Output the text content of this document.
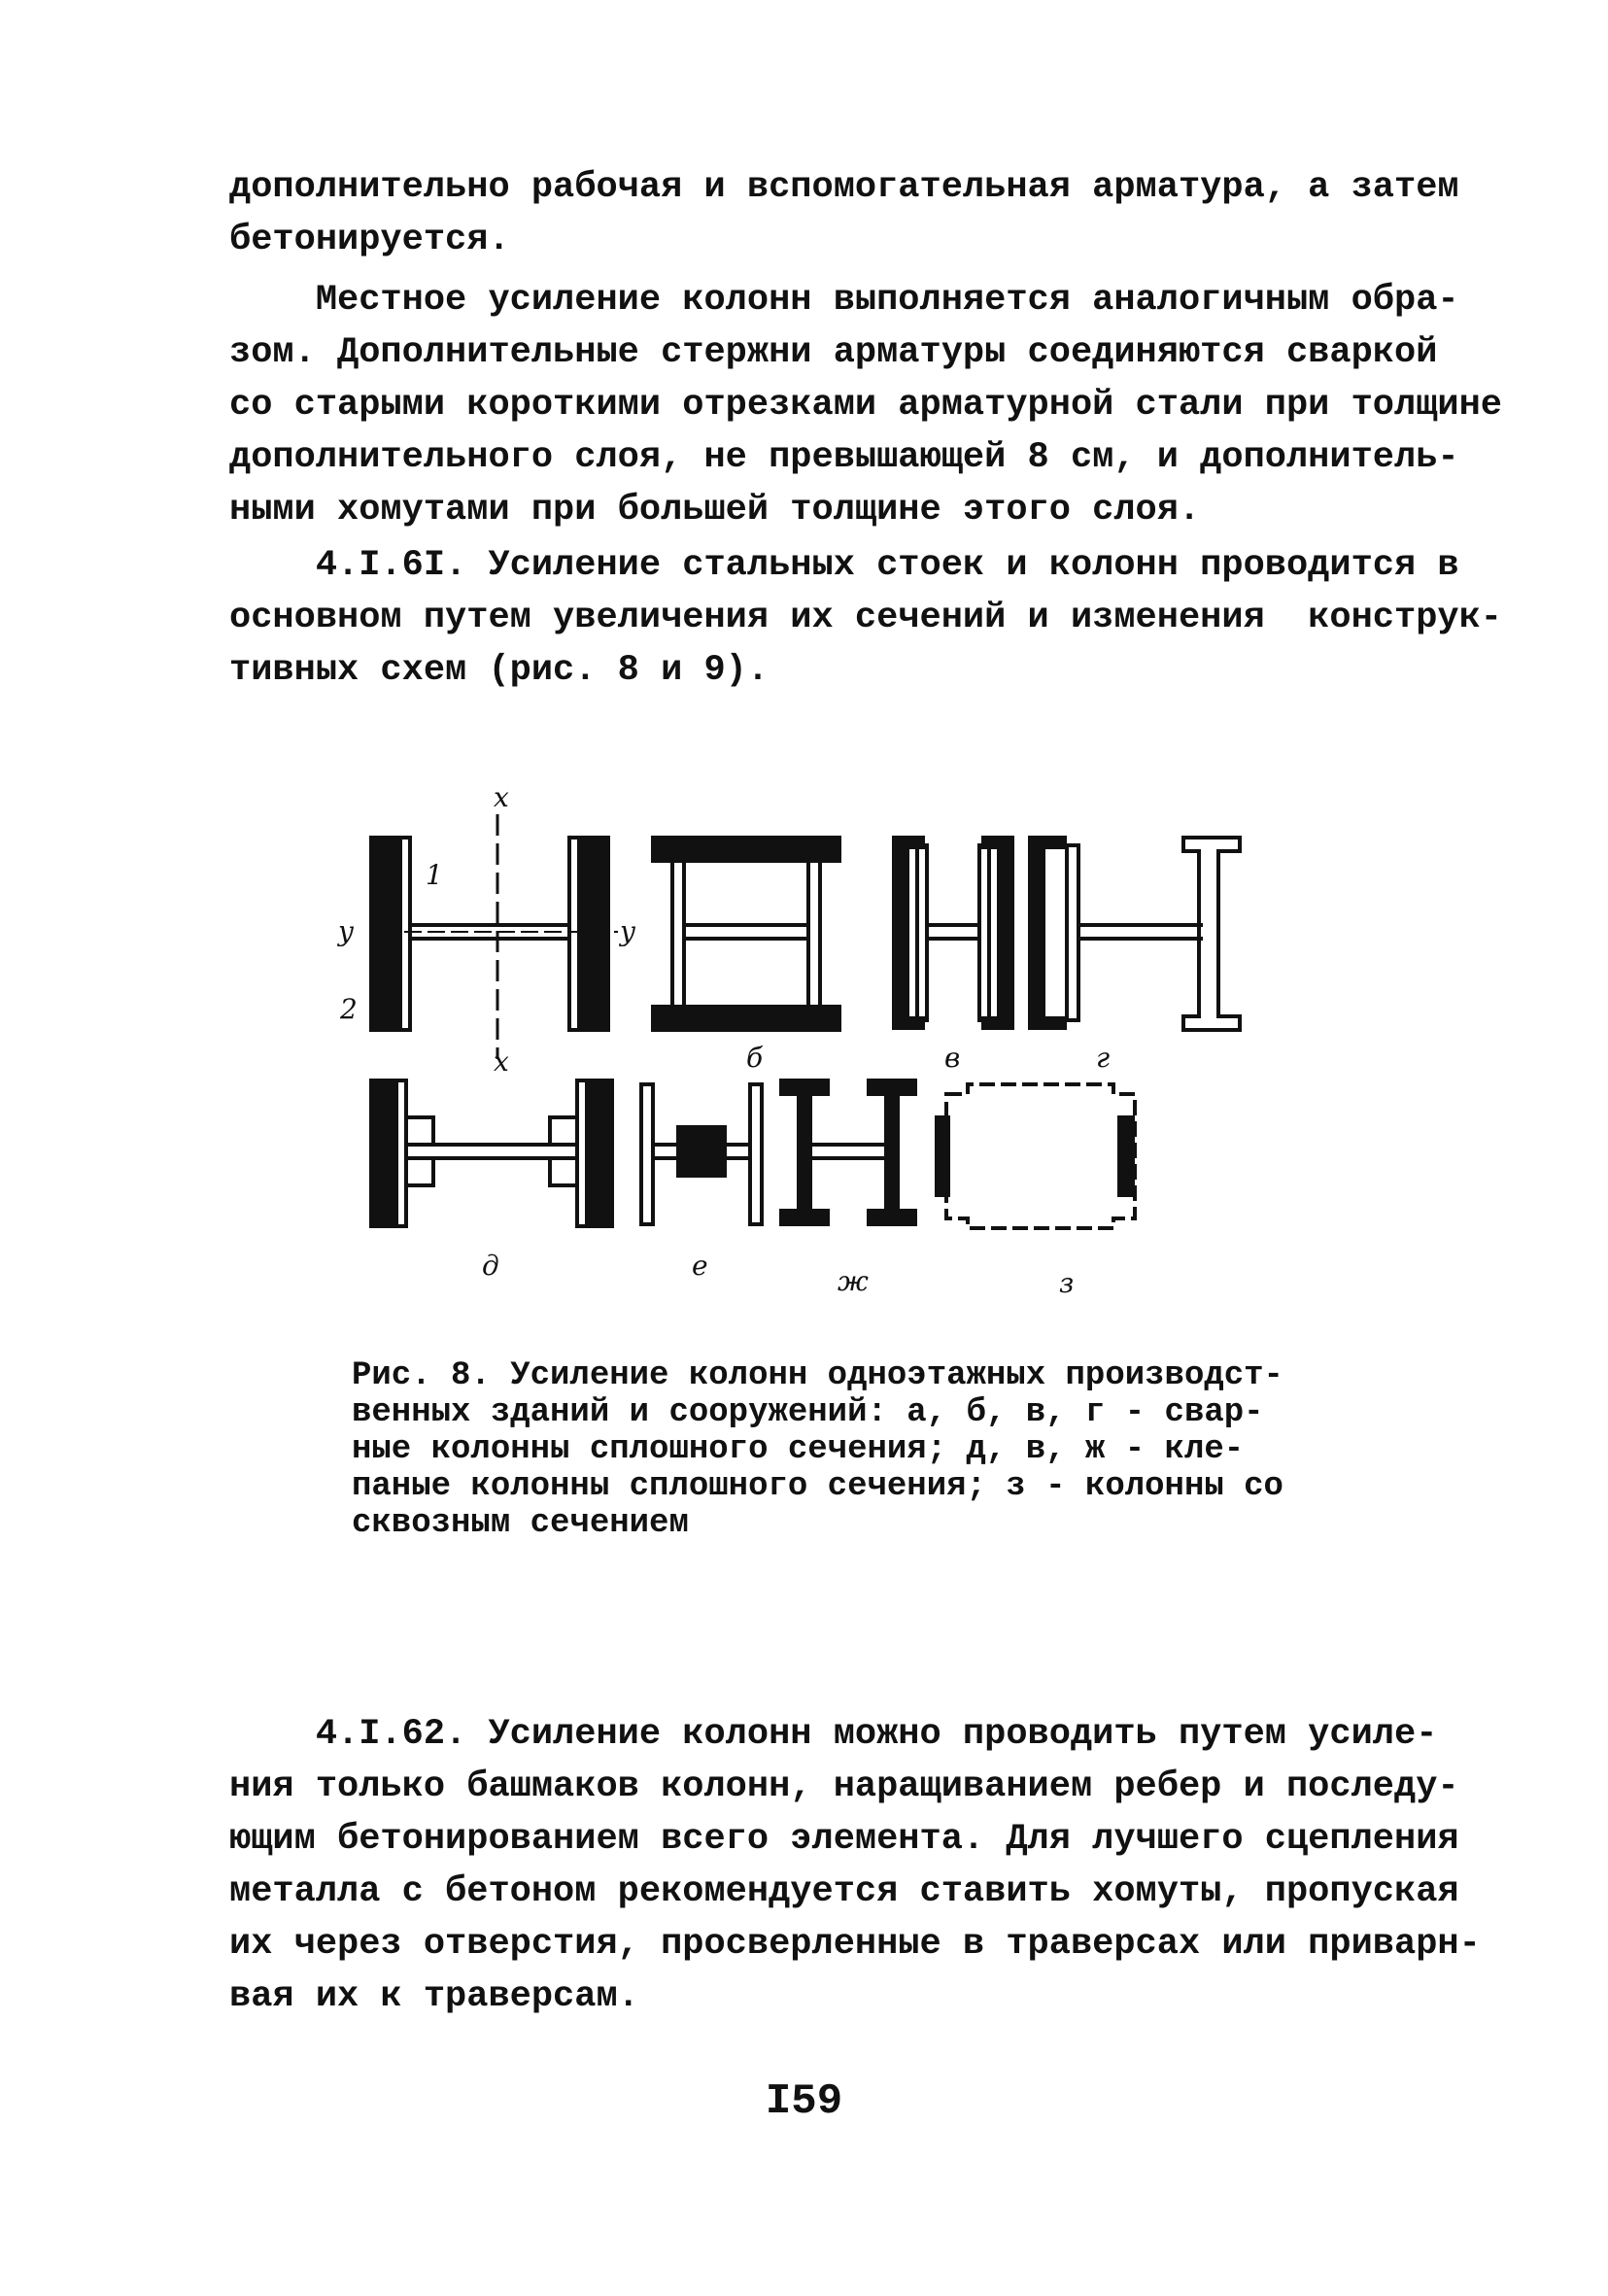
дополнительно рабочая и вспомогательная арматура, а затем
бетонируется.
Местное усиление колонн выполняется аналогичным обра-
зом. Дополнительные стержни арматуры соединяются сваркой
со старыми короткими отрезками арматурной стали при толщине
дополнительного слоя, не превышающей 8 см, и дополнитель-
ными хомутами при большей толщине этого слоя.
4.I.6I. Усиление стальных стоек и колонн проводится в
основном путем увеличения их сечений и изменения  конструк-
тивных схем (рис. 8 и 9).
x
x
y	y
1
2
б	в	г
д	е	ж	з
Рис. 8. Усиление колонн одноэтажных производст-
венных зданий и сооружений: а, б, в, г - свар-
ные колонны сплошного сечения; д, в, ж - кле-
паные колонны сплошного сечения; з - колонны со
сквозным сечением
4.I.62. Усиление колонн можно проводить путем усиле-
ния только башмаков колонн, наращиванием ребер и последу-
ющим бетонированием всего элемента. Для лучшего сцепления
металла с бетоном рекомендуется ставить хомуты, пропуская
их через отверстия, просверленные в траверсах или приварн-
вая их к траверсам.
I59
